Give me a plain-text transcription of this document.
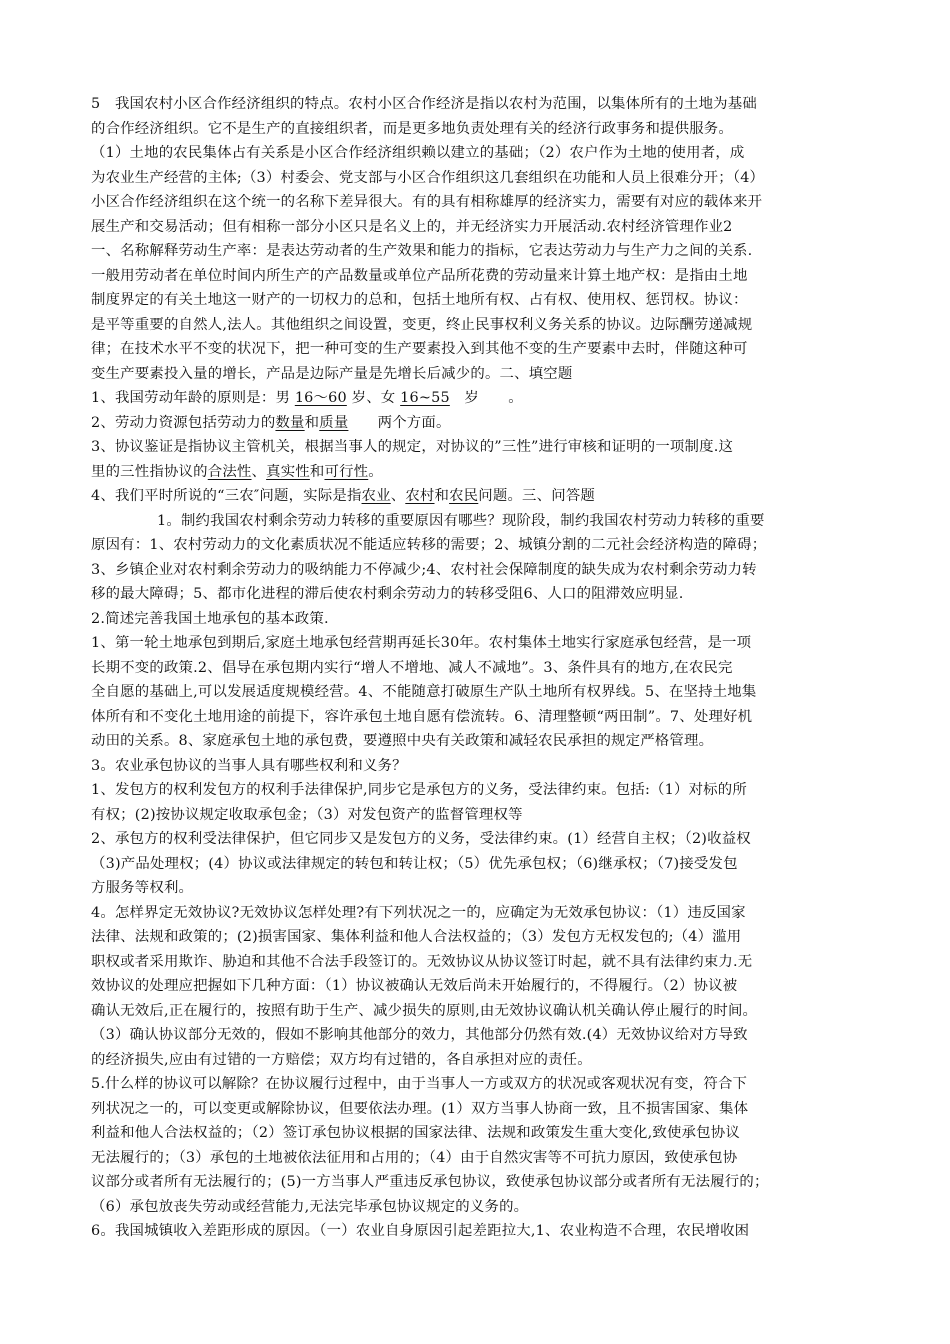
5　我国农村小区合作经济组织的特点。农村小区合作经济是指以农村为范围，以集体所有的土地为基础
的合作经济组织。它不是生产的直接组织者，而是更多地负责处理有关的经济行政事务和提供服务。
（1）土地的农民集体占有关系是小区合作经济组织赖以建立的基础；（2）农户作为土地的使用者，成
为农业生产经营的主体;（3）村委会、党支部与小区合作组织这几套组织在功能和人员上很难分开；（4）
小区合作经济组织在这个统一的名称下差异很大。有的具有相称雄厚的经济实力，需要有对应的载体来开
展生产和交易活动；但有相称一部分小区只是名义上的，并无经济实力开展活动.农村经济管理作业2
一、名称解释劳动生产率：是表达劳动者的生产效果和能力的指标，它表达劳动力与生产力之间的关系.
一般用劳动者在单位时间内所生产的产品数量或单位产品所花费的劳动量来计算土地产权：是指由土地
制度界定的有关土地这一财产的一切权力的总和，包括土地所有权、占有权、使用权、惩罚权。协议：
是平等重要的自然人,法人。其他组织之间设置，变更，终止民事权利义务关系的协议。边际酬劳递减规
律；在技术水平不变的状况下，把一种可变的生产要素投入到其他不变的生产要素中去时，伴随这种可
变生产要素投入量的增长，产品是边际产量是先增长后减少的。二、填空题
1、我国劳动年龄的原则是：男 16～60 岁、女 16~55　岁　　。
2、劳动力资源包括劳动力的数量和质量　　两个方面。
3、协议鉴证是指协议主管机关，根据当事人的规定，对协议的”三性”进行审核和证明的一项制度.这
里的三性指协议的合法性、真实性和可行性。
4、我们平时所说的“三农″问题，实际是指农业、农村和农民问题。三、问答题
1。制约我国农村剩余劳动力转移的重要原因有哪些？现阶段，制约我国农村劳动力转移的重要
原因有：1、农村劳动力的文化素质状况不能适应转移的需要；2、城镇分割的二元社会经济构造的障碍；
3、乡镇企业对农村剩余劳动力的吸纳能力不停减少;4、农村社会保障制度的缺失成为农村剩余劳动力转
移的最大障碍；5、都市化进程的滞后使农村剩余劳动力的转移受阻6、人口的阻滞效应明显.
2.简述完善我国土地承包的基本政策.
1、第一轮土地承包到期后,家庭土地承包经营期再延长30年。农村集体土地实行家庭承包经营，是一项
长期不变的政策.2、倡导在承包期内实行“增人不增地、减人不减地”。3、条件具有的地方,在农民完
全自愿的基础上,可以发展适度规模经营。4、不能随意打破原生产队土地所有权界线。5、在坚持土地集
体所有和不变化土地用途的前提下，容许承包土地自愿有偿流转。6、清理整顿“两田制”。7、处理好机
动田的关系。8、家庭承包土地的承包费，要遵照中央有关政策和减轻农民承担的规定严格管理。
3。农业承包协议的当事人具有哪些权利和义务？
1、发包方的权利发包方的权利手法律保护,同步它是承包方的义务，受法律约束。包括:（1）对标的所
有权；(2)按协议规定收取承包金；（3）对发包资产的监督管理权等
2、承包方的权利受法律保护，但它同步又是发包方的义务，受法律约束。(1）经营自主权；（2)收益权
（3)产品处理权；(4）协议或法律规定的转包和转让权；（5）优先承包权；（6)继承权；（7)接受发包
方服务等权利。
4。怎样界定无效协议?无效协议怎样处理?有下列状况之一的，应确定为无效承包协议：（1）违反国家
法律、法规和政策的；(2)损害国家、集体利益和他人合法权益的；（3）发包方无权发包的;（4）滥用
职权或者采用欺诈、胁迫和其他不合法手段签订的。无效协议从协议签订时起，就不具有法律约束力.无
效协议的处理应把握如下几种方面：（1）协议被确认无效后尚未开始履行的，不得履行。（2）协议被
确认无效后,正在履行的，按照有助于生产、减少损失的原则,由无效协议确认机关确认停止履行的时间。
（3）确认协议部分无效的，假如不影响其他部分的效力，其他部分仍然有效.(4）无效协议给对方导致
的经济损失,应由有过错的一方赔偿；双方均有过错的，各自承担对应的责任。
5.什么样的协议可以解除？在协议履行过程中，由于当事人一方或双方的状况或客观状况有变，符合下
列状况之一的，可以变更或解除协议，但要依法办理。(1）双方当事人协商一致，且不损害国家、集体
利益和他人合法权益的；（2）签订承包协议根据的国家法律、法规和政策发生重大变化,致使承包协议
无法履行的；（3）承包的土地被依法征用和占用的；（4）由于自然灾害等不可抗力原因，致使承包协
议部分或者所有无法履行的；(5)一方当事人严重违反承包协议，致使承包协议部分或者所有无法履行的；
（6）承包放丧失劳动或经营能力,无法完毕承包协议规定的义务的。
6。我国城镇收入差距形成的原因。（一）农业自身原因引起差距拉大,1、农业构造不合理，农民增收困
